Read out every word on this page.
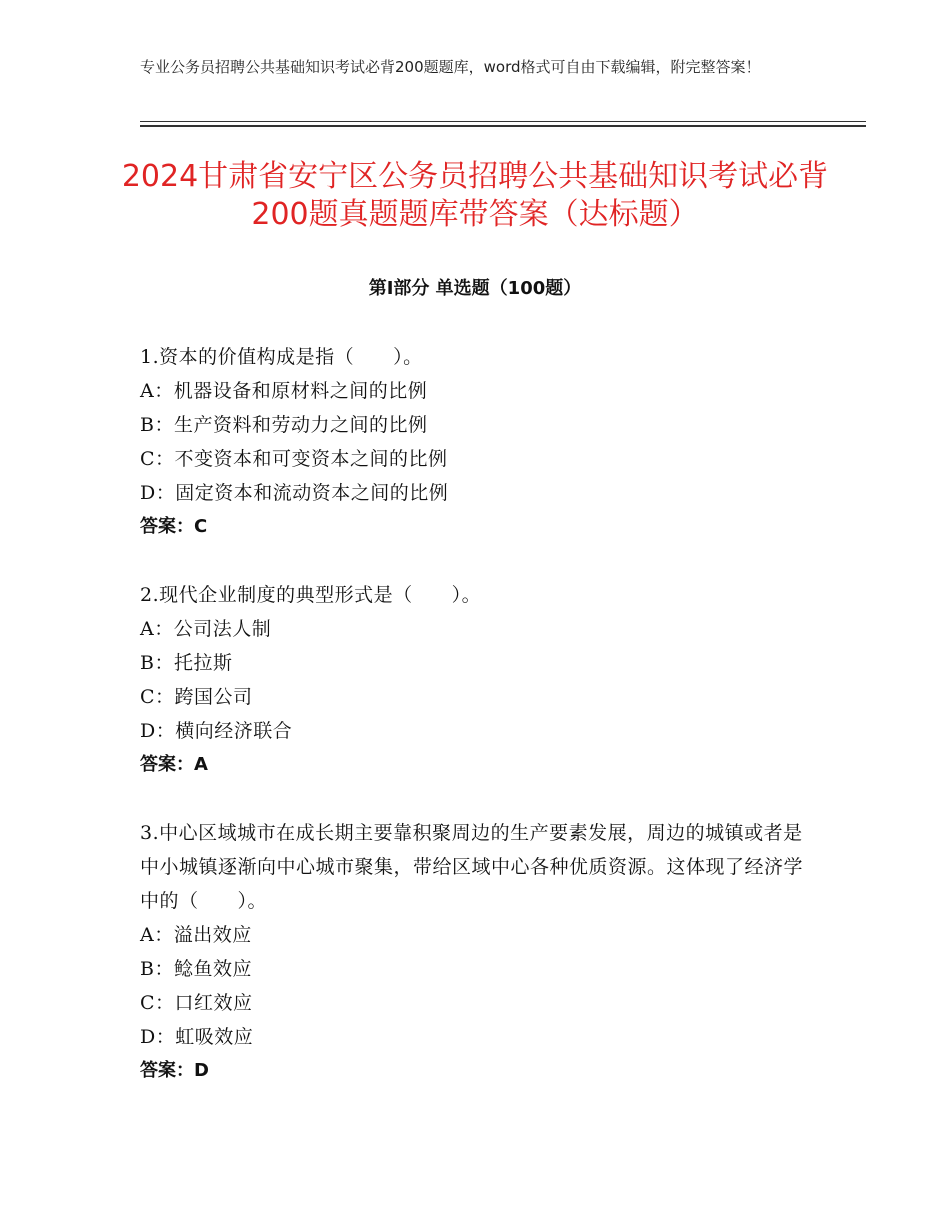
专业公务员招聘公共基础知识考试必背200题题库，word格式可自由下载编辑，附完整答案！
2024甘肃省安宁区公务员招聘公共基础知识考试必背200题真题题库带答案（达标题）
第Ⅰ部分 单选题（100题）
1.资本的价值构成是指（　　）。
A：机器设备和原材料之间的比例
B：生产资料和劳动力之间的比例
C：不变资本和可变资本之间的比例
D：固定资本和流动资本之间的比例
答案：C
2.现代企业制度的典型形式是（　　）。
A：公司法人制
B：托拉斯
C：跨国公司
D：横向经济联合
答案：A
3.中心区域城市在成长期主要靠积聚周边的生产要素发展，周边的城镇或者是中小城镇逐渐向中心城市聚集，带给区域中心各种优质资源。这体现了经济学中的（　　）。
A：溢出效应
B：鲶鱼效应
C：口红效应
D：虹吸效应
答案：D
